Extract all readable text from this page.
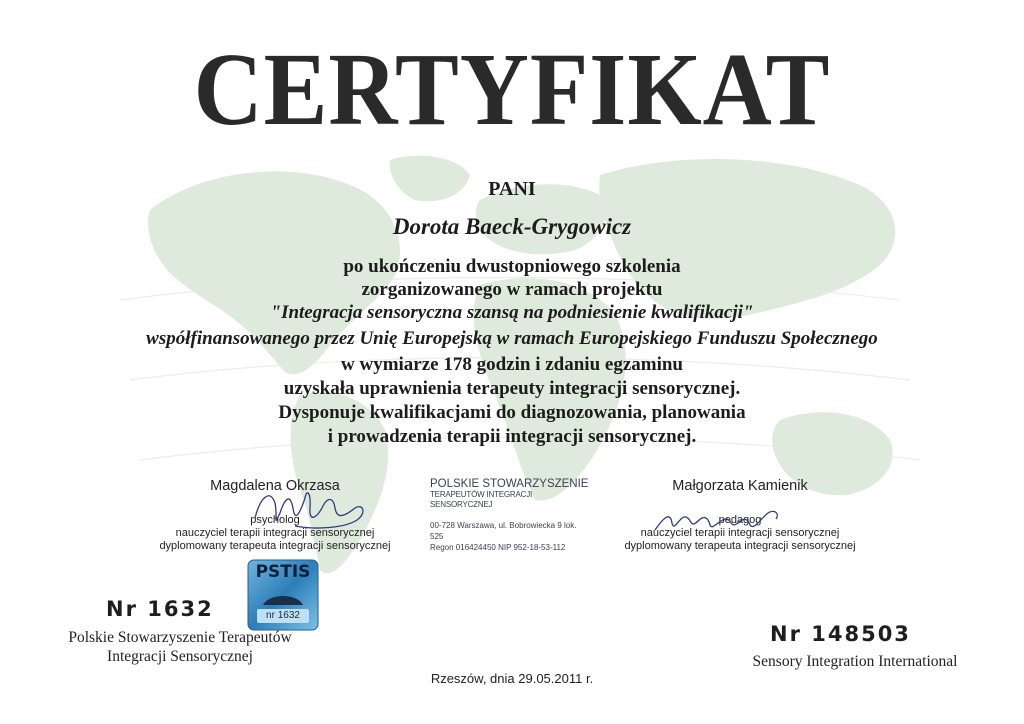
CERTYFIKAT
PANI
Dorota Baeck-Grygowicz
po ukończeniu dwustopniowego szkolenia
zorganizowanego w ramach projektu
"Integracja sensoryczna szansą na podniesienie kwalifikacji"
współfinansowanego przez Unię Europejską w ramach Europejskiego Funduszu Społecznego
w wymiarze 178 godzin i zdaniu egzaminu
uzyskała uprawnienia terapeuty integracji sensorycznej.
Dysponuje kwalifikacjami do diagnozowania, planowania
i prowadzenia terapii integracji sensorycznej.
Magdalena Okrzasa
psycholog
nauczyciel terapii integracji sensorycznej
dyplomowany terapeuta integracji sensorycznej
POLSKIE STOWARZYSZENIE
TERAPEUTÓW INTEGRACJI SENSORYCZNEJ
00-728 Warszawa, ul. Bobrowiecka 9 lok. 525
Regon 016424450 NIP 952-18-53-112
Małgorzata Kamienik
pedagog
nauczyciel terapii integracji sensorycznej
dyplomowany terapeuta integracji sensorycznej
PSTIS
nr 1632
Nr 1632
Polskie Stowarzyszenie Terapeutów
Integracji Sensorycznej
Nr 148503
Sensory Integration International
Rzeszów, dnia 29.05.2011 r.
